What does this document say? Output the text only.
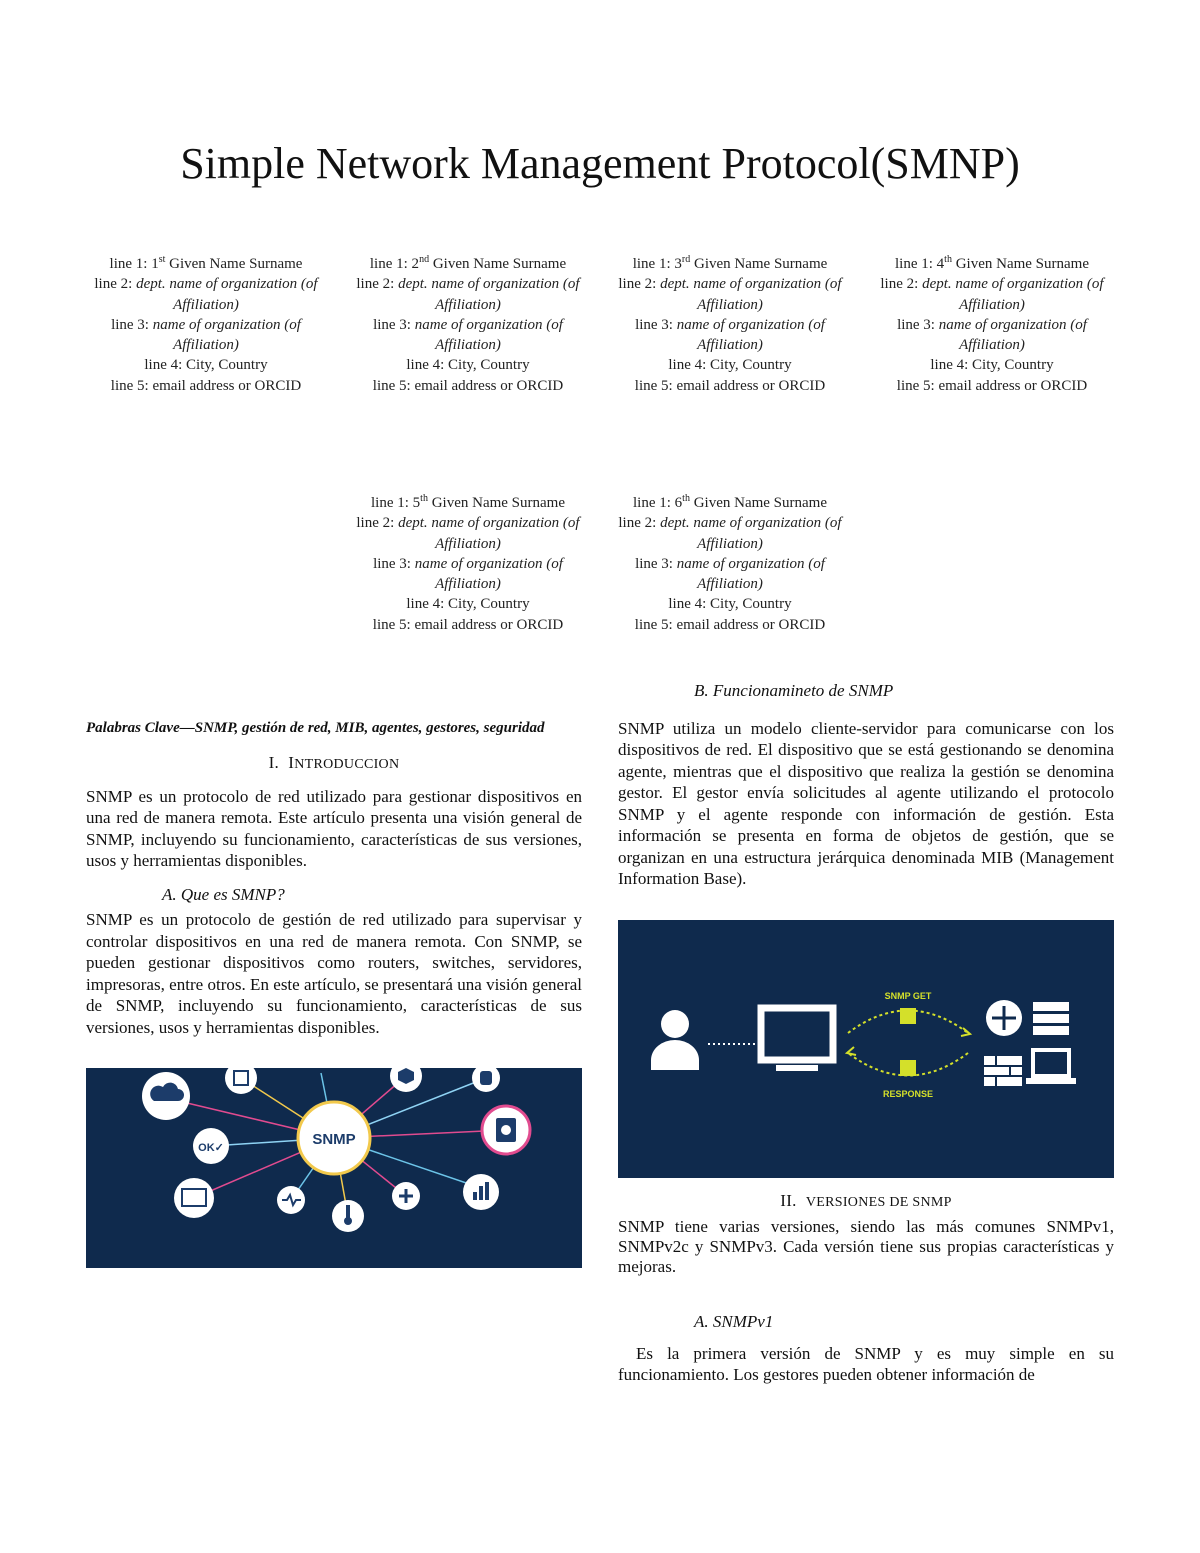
Simple Network Management Protocol(SMNP)
line 1: 1st Given Name Surname
line 2: dept. name of organization (of Affiliation)
line 3: name of organization (of Affiliation)
line 4: City, Country
line 5: email address or ORCID
line 1: 2nd Given Name Surname
line 2: dept. name of organization (of Affiliation)
line 3: name of organization (of Affiliation)
line 4: City, Country
line 5: email address or ORCID
line 1: 3rd Given Name Surname
line 2: dept. name of organization (of Affiliation)
line 3: name of organization (of Affiliation)
line 4: City, Country
line 5: email address or ORCID
line 1: 4th Given Name Surname
line 2: dept. name of organization (of Affiliation)
line 3: name of organization (of Affiliation)
line 4: City, Country
line 5: email address or ORCID
line 1: 5th Given Name Surname
line 2: dept. name of organization (of Affiliation)
line 3: name of organization (of Affiliation)
line 4: City, Country
line 5: email address or ORCID
line 1: 6th Given Name Surname
line 2: dept. name of organization (of Affiliation)
line 3: name of organization (of Affiliation)
line 4: City, Country
line 5: email address or ORCID

Palabras Clave—SNMP, gestión de red, MIB, agentes, gestores, seguridad

I. INTRODUCCION

SNMP es un protocolo de red utilizado para gestionar dispositivos en una red de manera remota. Este artículo presenta una visión general de SNMP, incluyendo su funcionamiento, características de sus versiones, usos y herramientas disponibles.

A. Que es SMNP?

SNMP es un protocolo de gestión de red utilizado para supervisar y controlar dispositivos en una red de manera remota. Con SNMP, se pueden gestionar dispositivos como routers, switches, servidores, impresoras, entre otros. En este artículo, se presentará una visión general de SNMP, incluyendo su funcionamiento, características de sus versiones, usos y herramientas disponibles.

SNMP
OK✓
B. Funcionamineto de SNMP

SNMP utiliza un modelo cliente-servidor para comunicarse con los dispositivos de red. El dispositivo que se está gestionando se denomina agente, mientras que el dispositivo que realiza la gestión se denomina gestor. El gestor envía solicitudes al agente utilizando el protocolo SNMP y el agente responde con información de gestión. Esta información se presenta en forma de objetos de gestión, que se organizan en una estructura jerárquica denominada MIB (Management Information Base).

SNMP GET
RESPONSE
II. VERSIONES DE SNMP

SNMP tiene varias versiones, siendo las más comunes SNMPv1, SNMPv2c y SNMPv3. Cada versión tiene sus propias características y mejoras.

A. SNMPv1

Es la primera versión de SNMP y es muy simple en su funcionamiento. Los gestores pueden obtener información de
